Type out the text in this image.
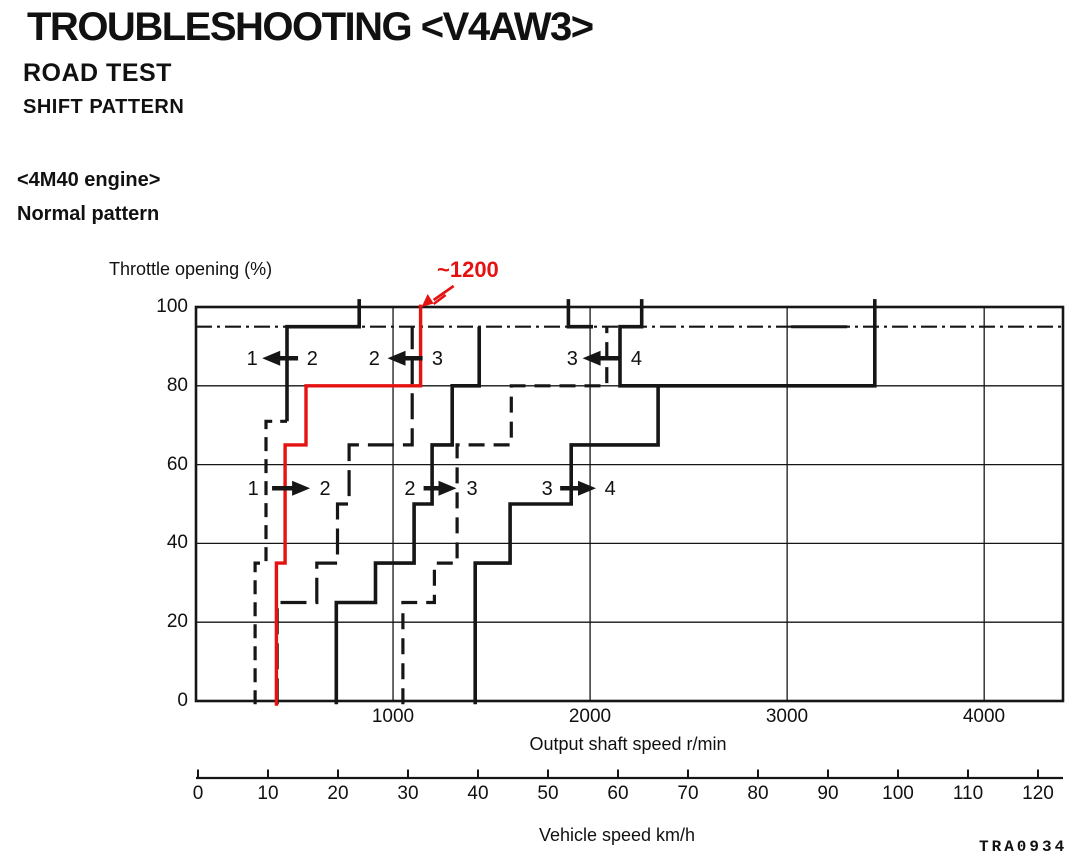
1 2	2	3	3	4
1	2	2	3	3	4
TROUBLESHOOTING <V4AW3>
ROAD TEST
SHIFT PATTERN
<4M40 engine>
Normal pattern
Throttle opening (%)
Output shaft speed r/min
Vehicle speed km/h
~1200
TRA0934
100
80
60
40
20
0
1000	2000	3000	4000
0	10	20	30	40	50	60	70	80	90	100	110	120
